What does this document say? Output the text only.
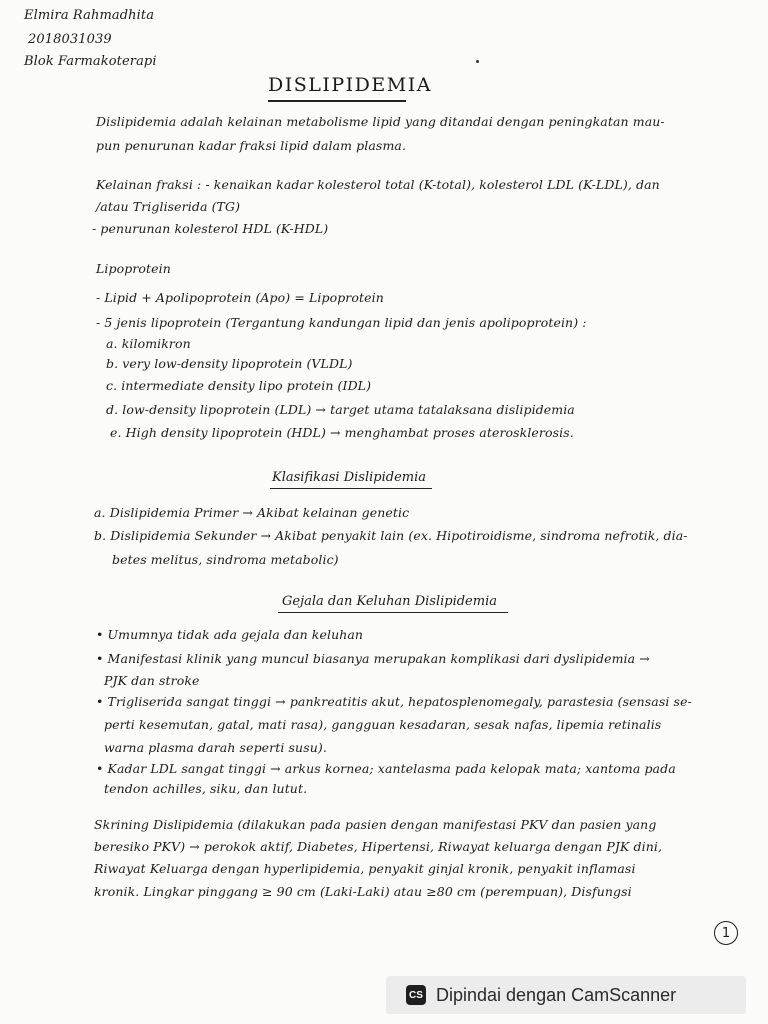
Elmira Rahmadhita
2018031039
Blok Farmakoterapi
DISLIPIDEMIA
Dislipidemia adalah kelainan metabolisme lipid yang ditandai dengan peningkatan mau-
pun penurunan kadar fraksi lipid dalam plasma.
Kelainan fraksi : - kenaikan kadar kolesterol total (K-total), kolesterol LDL (K-LDL), dan
/atau Trigliserida (TG)
- penurunan kolesterol HDL (K-HDL)
Lipoprotein
- Lipid + Apolipoprotein (Apo) = Lipoprotein
- 5 jenis lipoprotein (Tergantung kandungan lipid dan jenis apolipoprotein) :
a. kilomikron
b. very low-density lipoprotein (VLDL)
c. intermediate density lipo protein (IDL)
d. low-density lipoprotein (LDL) → target utama tatalaksana dislipidemia
e. High density lipoprotein (HDL) → menghambat proses aterosklerosis.
Klasifikasi Dislipidemia
a. Dislipidemia Primer → Akibat kelainan genetic
b. Dislipidemia Sekunder → Akibat penyakit lain (ex. Hipotiroidisme, sindroma nefrotik, dia-
betes melitus, sindroma metabolic)
Gejala dan Keluhan Dislipidemia
• Umumnya tidak ada gejala dan keluhan
• Manifestasi klinik yang muncul biasanya merupakan komplikasi dari dyslipidemia →
PJK dan stroke
• Trigliserida sangat tinggi → pankreatitis akut, hepatosplenomegaly, parastesia (sensasi se-
perti kesemutan, gatal, mati rasa), gangguan kesadaran, sesak nafas, lipemia retinalis
warna plasma darah seperti susu).
• Kadar LDL sangat tinggi → arkus kornea; xantelasma pada kelopak mata; xantoma pada
tendon achilles, siku, dan lutut.
Skrining Dislipidemia (dilakukan pada pasien dengan manifestasi PKV dan pasien yang
beresiko PKV) → perokok aktif, Diabetes, Hipertensi, Riwayat keluarga dengan PJK dini,
Riwayat Keluarga dengan hyperlipidemia, penyakit ginjal kronik, penyakit inflamasi
kronik. Lingkar pinggang ≥ 90 cm (Laki-Laki) atau ≥80 cm (perempuan), Disfungsi
1
CS Dipindai dengan CamScanner
